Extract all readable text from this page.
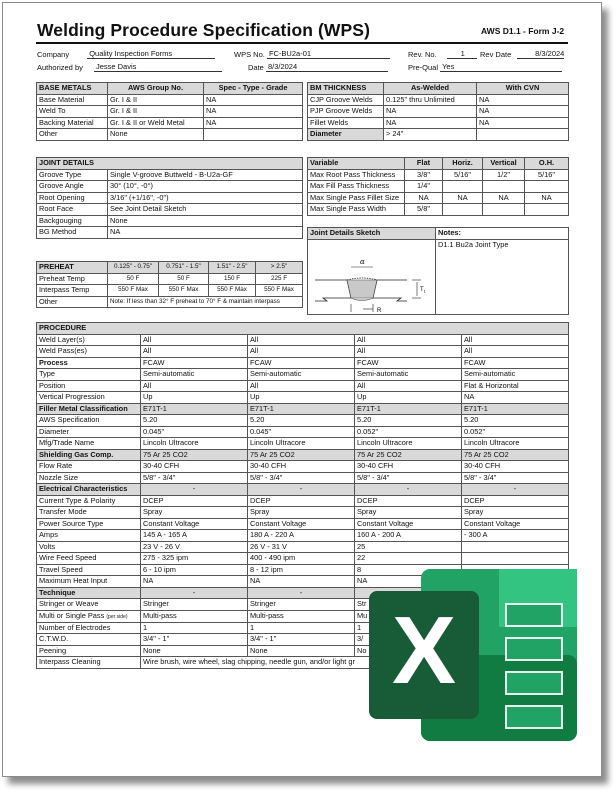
Welding Procedure Specification (WPS)	AWS D1.1 - Form J-2
Company	Quality Inspection Forms	WPS No. FC-BU2a-01	Rev. No.	1	Rev Date	8/3/2024
Authorized by Jesse Davis	Date 8/3/2024	Pre-Qual Yes
BASE METALS	AWS Group No.	Spec - Type - Grade
Base Material	Gr. I & II	NA
Weld To	Gr. I & II	NA
Backing Material	Gr. I & II or Weld Metal	NA
Other	None	
BM THICKNESS	As-Welded	With CVN
CJP Groove Welds	0.125" thru Unlimited	NA
PJP Groove Welds	NA	NA
Fillet Welds	NA	NA
Diameter	> 24"	
JOINT DETAILS	
Groove Type	Single V-groove Buttweld - B-U2a-GF
Groove Angle	30° (10°, -0°)
Root Opening	3/16" (+1/16", -0")
Root Face	See Joint Detail Sketch
Backgouging	None
BG Method	NA
Variable	Flat	Horiz.	Vertical	O.H.
Max Root Pass Thickness	3/8"	5/16"	1/2"	5/16"
Max Fill Pass Thickness	1/4"			
Max Single Pass Fillet Size	NA	NA	NA	NA
Max Single Pass Width	5/8"			
Joint Details Sketch	Notes:
	D1.1 Bu2a Joint Type
α
$T_1$
R
PREHEAT	0.125" - 0.75"	0.751" - 1.5"	1.51" - 2.5"	> 2.5"
Preheat Temp	50 F	50 F	150 F	225 F
Interpass Temp	550 F Max	550 F Max	550 F Max	550 F Max
Other	Note: If less than 32° F preheat to 70° F & maintain interpass			
PROCEDURE				
Weld Layer(s)	All	All	All	All
Weld Pass(es)	All	All	All	All
Process	FCAW	FCAW	FCAW	FCAW
Type	Semi-automatic	Semi-automatic	Semi-automatic	Semi-automatic
Position	All	All	All	Flat & Horizontal
Vertical Progression	Up	Up	Up	NA
Filler Metal Classification	E71T-1	E71T-1	E71T-1	E71T-1
AWS Specification	5.20	5.20	5.20	5.20
Diameter	0.045"	0.045"	0.052"	0.052"
Mfg/Trade Name	Lincoln Ultracore	Lincoln Ultracore	Lincoln Ultracore	Lincoln Ultracore
Shielding Gas Comp.	75 Ar 25 CO2	75 Ar 25 CO2	75 Ar 25 CO2	75 Ar 25 CO2
Flow Rate	30-40 CFH	30-40 CFH	30-40 CFH	30-40 CFH
Nozzle Size	5/8" - 3/4"	5/8" - 3/4"	5/8" - 3/4"	5/8" - 3/4"
Electrical Characteristics	-	-	-	-
Current Type & Polarity	DCEP	DCEP	DCEP	DCEP
Transfer Mode	Spray	Spray	Spray	Spray
Power Source Type	Constant Voltage	Constant Voltage	Constant Voltage	Constant Voltage
Amps	145 A - 165 A	180 A - 220 A	160 A - 200 A	- 300 A
Volts	23 V - 26 V	26 V - 31 V	25	
Wire Feed Speed	275 - 325 ipm	400 - 490 ipm	22	
Travel Speed	6 - 10 ipm	8 - 12 ipm	8	
Maximum Heat Input	NA	NA	NA	
Technique	-	-		
Stringer or Weave	Stringer	Stringer	Str	
Multi or Single Pass (per side)	Multi-pass	Multi-pass	Mu	
Number of Electrodes	1	1	1	
C.T.W.D.	3/4" - 1"	3/4" - 1"	3/	
Peening	None	None	No	
Interpass Cleaning	Wire brush, wire wheel, slag chipping, needle gun, and/or light gr			X
